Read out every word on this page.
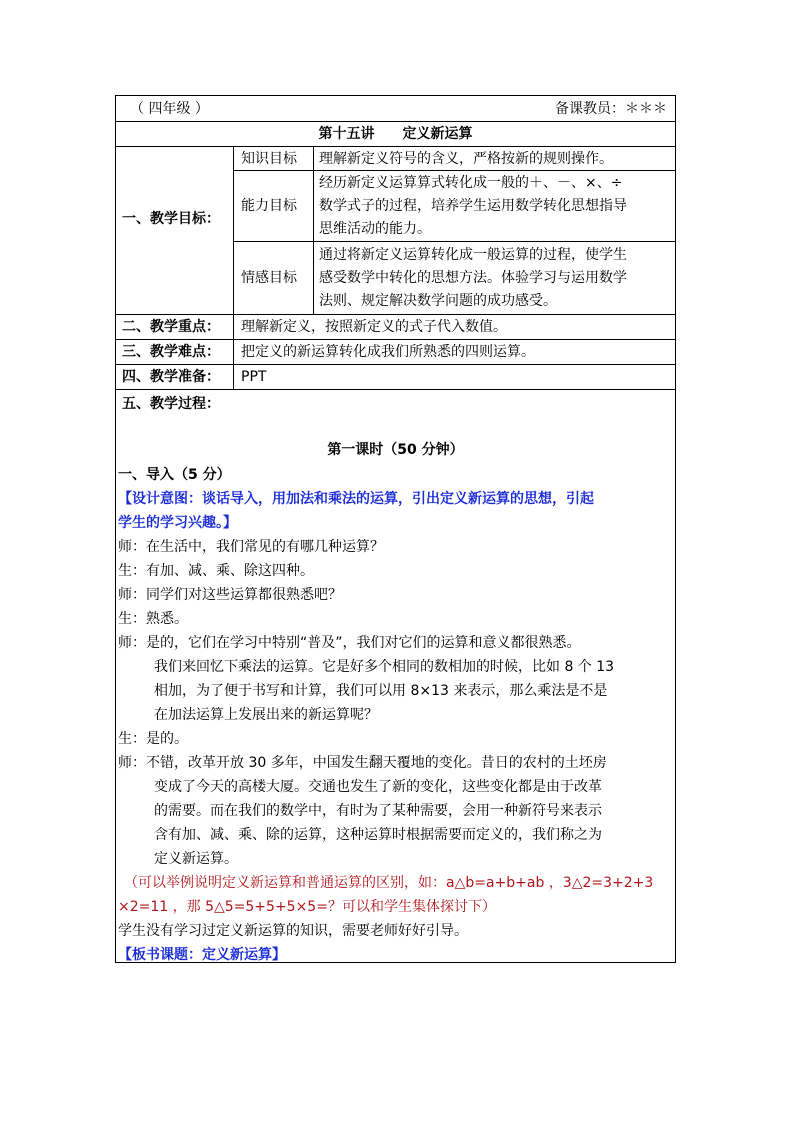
（ 四年级 ）	备课教员：＊＊＊
第十五讲　　定义新运算
一、教学目标：
知识目标 理解新定义符号的含义，严格按新的规则操作。
能力目标
经历新定义运算算式转化成一般的＋、－、×、÷
数学式子的过程，培养学生运用数学转化思想指导
思维活动的能力。
情感目标
通过将新定义运算转化成一般运算的过程，使学生
感受数学中转化的思想方法。体验学习与运用数学
法则、规定解决数学问题的成功感受。
二、教学重点： 理解新定义，按照新定义的式子代入数值。
三、教学难点： 把定义的新运算转化成我们所熟悉的四则运算。
四、教学准备： PPT
五、教学过程：
第一课时（50 分钟）
一、导入（5 分）
【设计意图：谈话导入，用加法和乘法的运算，引出定义新运算的思想，引起
学生的学习兴趣。】
师：在生活中，我们常见的有哪几种运算？
生：有加、减、乘、除这四种。
师：同学们对这些运算都很熟悉吧？
生：熟悉。
师：是的，它们在学习中特别“普及”，我们对它们的运算和意义都很熟悉。
我们来回忆下乘法的运算。它是好多个相同的数相加的时候，比如 8 个 13
相加，为了便于书写和计算，我们可以用 8×13 来表示，那么乘法是不是
在加法运算上发展出来的新运算呢？
生：是的。
师：不错，改革开放 30 多年，中国发生翻天覆地的变化。昔日的农村的土坯房
变成了今天的高楼大厦。交通也发生了新的变化，这些变化都是由于改革
的需要。而在我们的数学中，有时为了某种需要，会用一种新符号来表示
含有加、减、乘、除的运算，这种运算时根据需要而定义的，我们称之为
定义新运算。
（可以举例说明定义新运算和普通运算的区别，如：a△b=a+b+ab ，3△2=3+2+3
×2=11 ，那 5△5=5+5+5×5=？可以和学生集体探讨下）
学生没有学习过定义新运算的知识，需要老师好好引导。
【板书课题：定义新运算】
